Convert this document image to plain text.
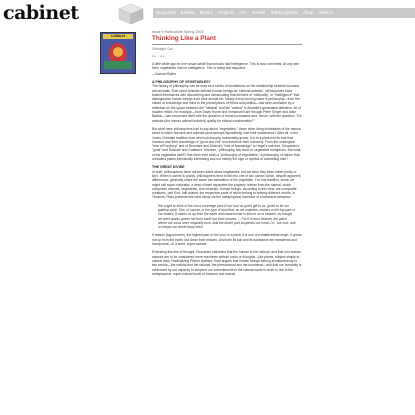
cabinet	Magazine Events Books Projects Info Rental Subscriptions Shop Search
Cabinet

Issue 9 Horticulture Spring 2003

Thinking Like a Plant

Christoph Cox

Aa · Aa

A little while ago no one would admit that animals had intelligence. This is now conceded. At any rate, then, vegetables had no intelligence. This is being fast disputed.

—Samuel Butler

A PHILOSOPHY OF VEGETABLES?

The history of philosophy can be read as a series of meditations on the relationship between humans and animals. Ever since Aristotle defined human beings as "rational animals," philosophers have busied themselves with discovering and demarcating that element of "rationality" or "intelligence" that distinguishes human beings from their animal kin. Nearly every burning issue in philosophy—from the nature of knowledge and mind to the prescriptions of ethics and politics—has been animated by a reflection on the space between the "rational" and the "animal" in Aristotle's generative definition. All of modern ethics, for example—from David Hume and Immanuel Kant through Peter Singer and Alain Badiou—has concerned itself with the question of moral boundaries and, hence, with the question, "Do animals (the human animal included) qualify for ethical consideration?"

But what have philosophers had to say about "vegetables," those other living inhabitants of the natural world to which humans and animals (and perhaps figuratively) owe their sustenance? After all, in the Judeo-Christian tradition from which philosophy incidentally grows, it is to a plant lent its fruit that humans owe their knowledge of "good and evil" and therefore their humanity. From the ontological "tree of Porphyry" and of Bernhard and Diderot's "tree of knowledge" to Hegel's oak tree, Descartes's "gods" and Deleuze and Guattari's "rhizome," philosophy has lived on vegetative metaphors. But what of the vegetative itself? Has there ever been a "philosophy of vegetables," a philosophy of nature that considers plants intrinsically interesting and not merely the sign or symbol of something else?

THE GREAT DIVIDE

In truth, philosophers have not been silent about vegetables, but we have they been either pretty or kind. When it comes to plants, philosophers tend to fall into one of two camps which, despite apparent differences, generally share the same low estimation of the vegetable. For one tradition, which we might call super-naturalist, a deep chasm separates the properly human from the natural, which comprises animals, vegetables, and minerals. Human beings, according to this view, are composite creatures, half God, half animal, the respective parts of which belong to entirely different worlds. In Timaeus, Plato presents this view nicely via the metaphysical inversion of a botanical metaphor:

We ought to think of the most sovereign part of our soul as god's gift to us, given to be our guiding spirit. This, of course, is the type of soul that, as we maintain, resides in the top part of our bodies. It raises us up from the earth and toward what is akin to us in heaven, as though we were plants grown not from earth but from heaven. ... For it is from heaven, the place where our souls were originally born, that the divine part suspends our head, i.e., our root, and so keeps our whole body erect.

If reason (logos/noein), the highest part of the soul, is a plant, it is one of extraterrestrial origin. It grows not up from the earth, but down from heaven. And both its soil and its substance are immaterial and incorporeal—in a word, super-natural.

Extending this line of thought, Descartes maintains that the human is the rational, and that non-human animals are to be considered mere machines without souls or thoughts—like plants, subject simply to natural laws. Radicalizing Plato's dualism, Kant argues that human beings belong simultaneously to two worlds—the natural and the rational, the phenomenal and the noumenal—and that our humanity is evidenced by our capacity to suspend our commitments to the natural world in order to live in the metaphysical, super-natural world of freedom and reason.
